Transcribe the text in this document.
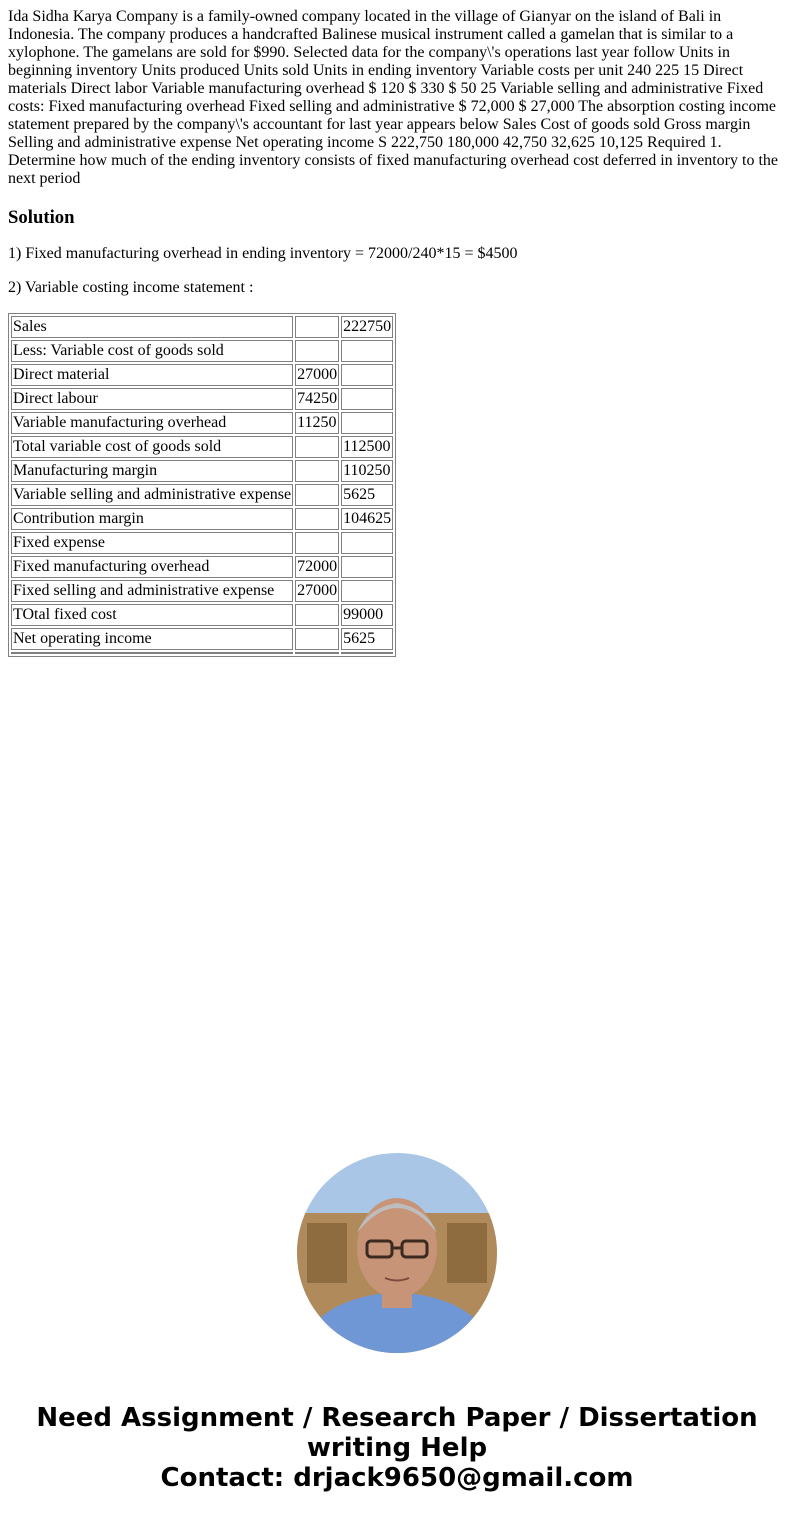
Ida Sidha Karya Company is a family-owned company located in the village of Gianyar on the island of Bali in Indonesia. The company produces a handcrafted Balinese musical instrument called a gamelan that is similar to a xylophone. The gamelans are sold for $990. Selected data for the company\'s operations last year follow Units in beginning inventory Units produced Units sold Units in ending inventory Variable costs per unit 240 225 15 Direct materials Direct labor Variable manufacturing overhead $ 120 $ 330 $ 50 25 Variable selling and administrative Fixed costs: Fixed manufacturing overhead Fixed selling and administrative $ 72,000 $ 27,000 The absorption costing income statement prepared by the company\'s accountant for last year appears below Sales Cost of goods sold Gross margin Selling and administrative expense Net operating income S 222,750 180,000 42,750 32,625 10,125 Required 1. Determine how much of the ending inventory consists of fixed manufacturing overhead cost deferred in inventory to the next period

Solution

1) Fixed manufacturing overhead in ending inventory = 72000/240*15 = $4500

2) Variable costing income statement :

Sales		222750
Less: Variable cost of goods sold		
Direct material	27000	
Direct labour	74250	
Variable manufacturing overhead	11250	
Total variable cost of goods sold		112500
Manufacturing margin		110250
Variable selling and administrative expense		5625
Contribution margin		104625
Fixed expense		
Fixed manufacturing overhead	72000	
Fixed selling and administrative expense	27000	
TOtal fixed cost		99000
Net operating income		5625

Need Assignment / Research Paper / Dissertation
writing Help
Contact: drjack9650@gmail.com
